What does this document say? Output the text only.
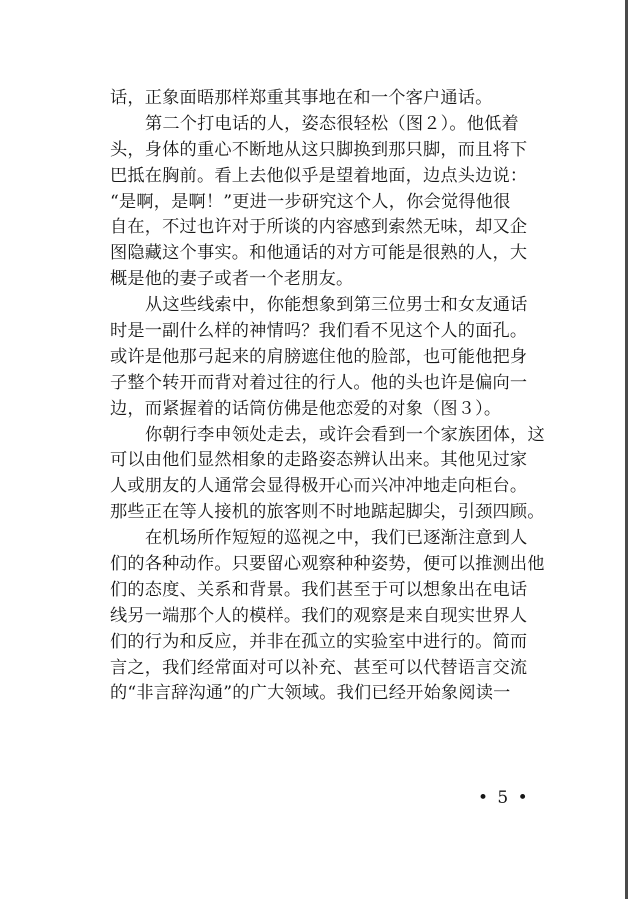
话，正象面晤那样郑重其事地在和一个客户通话。
第二个打电话的人，姿态很轻松（图２）。他低着
头，身体的重心不断地从这只脚换到那只脚，而且将下
巴抵在胸前。看上去他似乎是望着地面，边点头边说：
“是啊，是啊！”更进一步研究这个人，你会觉得他很
自在，不过也许对于所谈的内容感到索然无味，却又企
图隐藏这个事实。和他通话的对方可能是很熟的人，大
概是他的妻子或者一个老朋友。
从这些线索中，你能想象到第三位男士和女友通话
时是一副什么样的神情吗？我们看不见这个人的面孔。
或许是他那弓起来的肩膀遮住他的脸部，也可能他把身
子整个转开而背对着过往的行人。他的头也许是偏向一
边，而紧握着的话筒仿佛是他恋爱的对象（图３）。
你朝行李申领处走去，或许会看到一个家族团体，这
可以由他们显然相象的走路姿态辨认出来。其他见过家
人或朋友的人通常会显得极开心而兴冲冲地走向柜台。
那些正在等人接机的旅客则不时地踮起脚尖，引颈四顾。
在机场所作短短的巡视之中，我们已逐渐注意到人
们的各种动作。只要留心观察种种姿势，便可以推测出他
们的态度、关系和背景。我们甚至于可以想象出在电话
线另一端那个人的模样。我们的观察是来自现实世界人
们的行为和反应，并非在孤立的实验室中进行的。简而
言之，我们经常面对可以补充、甚至可以代替语言交流
的“非言辞沟通”的广大领域。我们已经开始象阅读一
• 5 •
